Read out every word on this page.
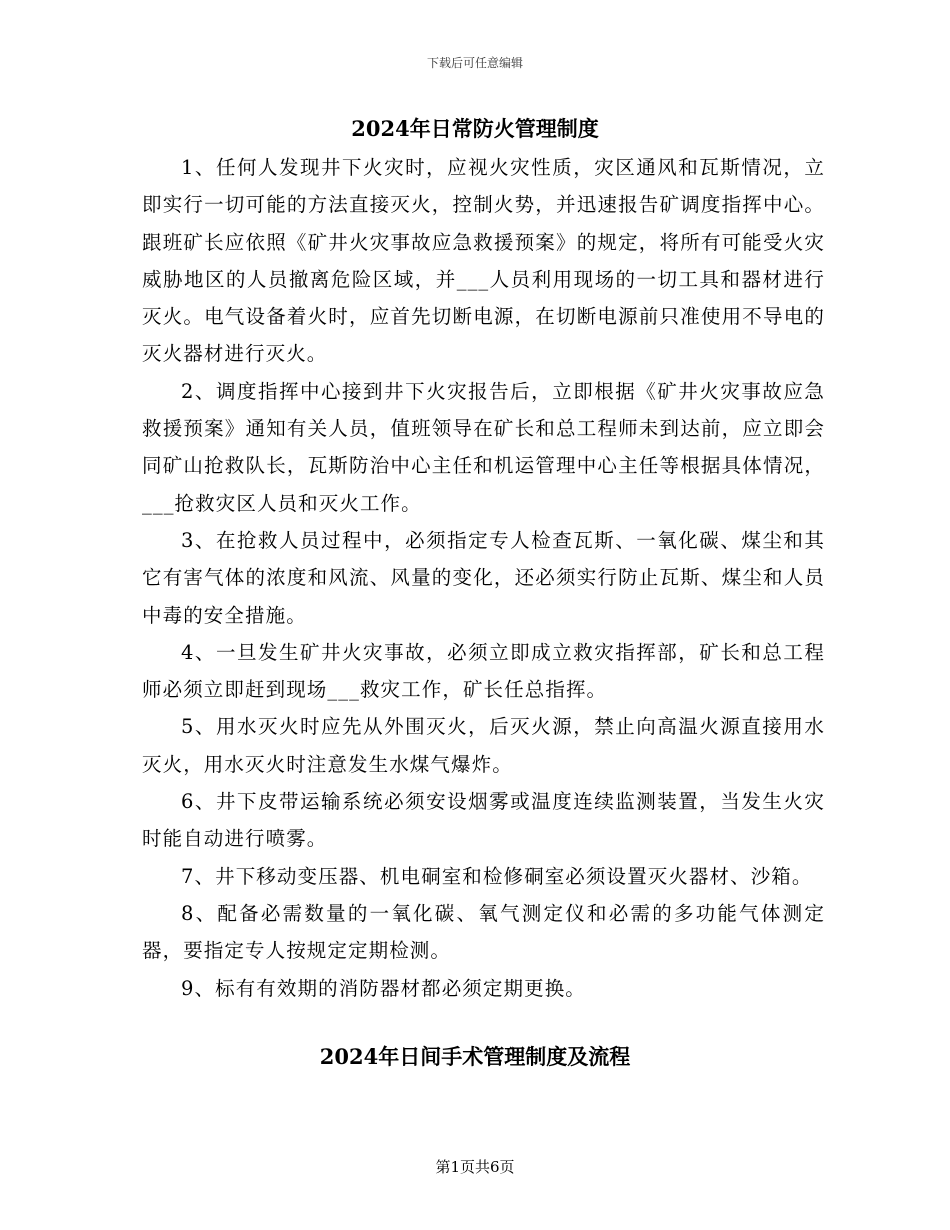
下载后可任意编辑
2024年日常防火管理制度

1、任何人发现井下火灾时，应视火灾性质，灾区通风和瓦斯情况，立即实行一切可能的方法直接灭火，控制火势，并迅速报告矿调度指挥中心。跟班矿长应依照《矿井火灾事故应急救援预案》的规定，将所有可能受火灾威胁地区的人员撤离危险区域，并___人员利用现场的一切工具和器材进行灭火。电气设备着火时，应首先切断电源，在切断电源前只准使用不导电的灭火器材进行灭火。

2、调度指挥中心接到井下火灾报告后，立即根据《矿井火灾事故应急救援预案》通知有关人员，值班领导在矿长和总工程师未到达前，应立即会同矿山抢救队长，瓦斯防治中心主任和机运管理中心主任等根据具体情况，___抢救灾区人员和灭火工作。

3、在抢救人员过程中，必须指定专人检查瓦斯、一氧化碳、煤尘和其它有害气体的浓度和风流、风量的变化，还必须实行防止瓦斯、煤尘和人员中毒的安全措施。

4、一旦发生矿井火灾事故，必须立即成立救灾指挥部，矿长和总工程师必须立即赶到现场___救灾工作，矿长任总指挥。

5、用水灭火时应先从外围灭火，后灭火源，禁止向高温火源直接用水灭火，用水灭火时注意发生水煤气爆炸。

6、井下皮带运输系统必须安设烟雾或温度连续监测装置，当发生火灾时能自动进行喷雾。

7、井下移动变压器、机电硐室和检修硐室必须设置灭火器材、沙箱。

8、配备必需数量的一氧化碳、氧气测定仪和必需的多功能气体测定器，要指定专人按规定定期检测。

9、标有有效期的消防器材都必须定期更换。

2024年日间手术管理制度及流程
第1页共6页
